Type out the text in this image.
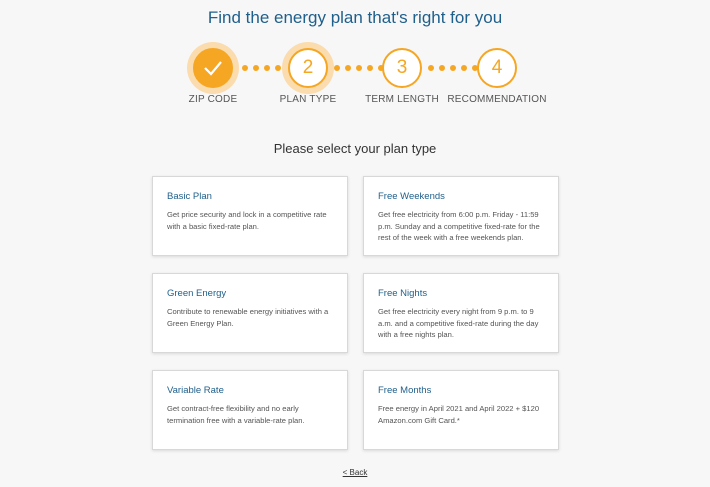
Find the energy plan that's right for you
ZIP CODE
2
PLAN TYPE
3
TERM LENGTH
4
RECOMMENDATION
Please select your plan type
Basic Plan
Get price security and lock in a competitive rate with a basic fixed-rate plan.
Free Weekends
Get free electricity from 6:00 p.m. Friday - 11:59 p.m. Sunday and a competitive fixed-rate for the rest of the week with a free weekends plan.
Green Energy
Contribute to renewable energy initiatives with a Green Energy Plan.
Free Nights
Get free electricity every night from 9 p.m. to 9 a.m. and a competitive fixed-rate during the day with a free nights plan.
Variable Rate
Get contract-free flexibility and no early termination free with a variable-rate plan.
Free Months
Free energy in April 2021 and April 2022 + $120 Amazon.com Gift Card.*
< Back
